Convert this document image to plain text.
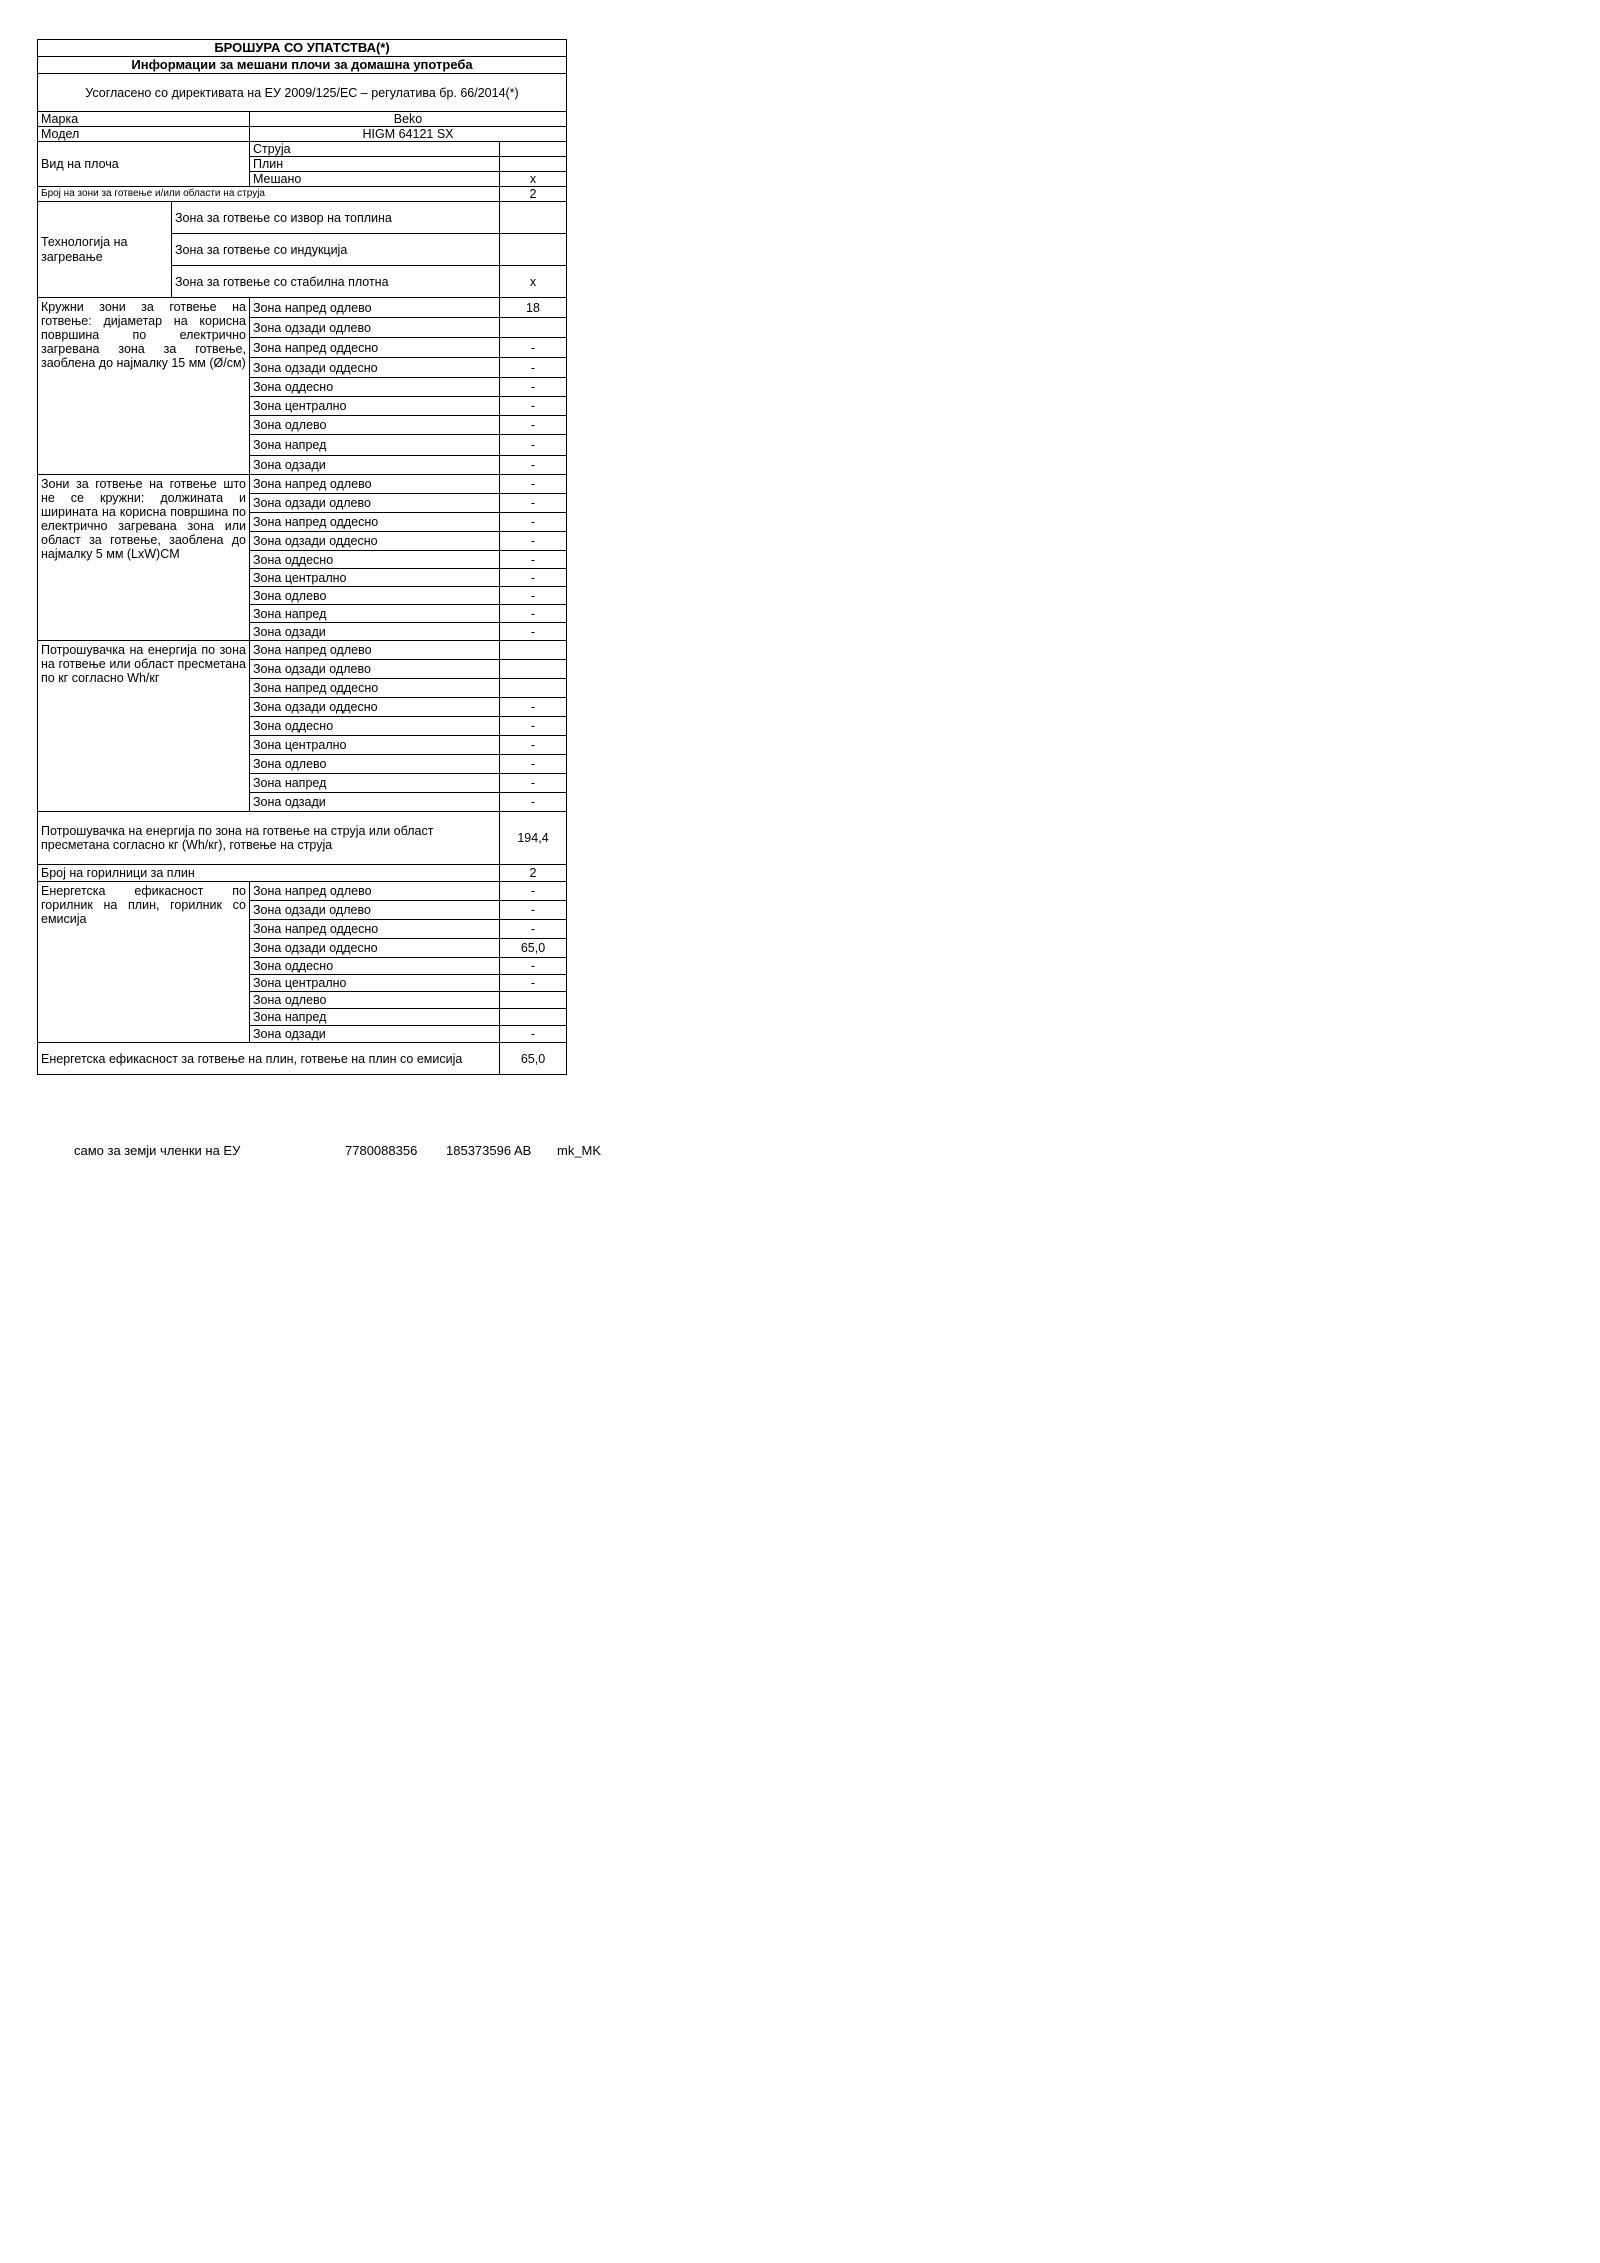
БРОШУРА СО УПАТСТВА(*)			
Информации за мешани плочи за домашна употреба			
Усогласено со директивата на ЕУ 2009/125/EC – регулатива бр. 66/2014(*)			
Марка		Beko	
Модел		HIGM 64121 SX	
Вид на плоча		Струја	
		Плин	
		Мешано	x
Број на зони за готвење и/или области на струја			2
Технологија на загревање	Зона за готвење со извор на топлина		
	Зона за готвење со индукција		
	Зона за готвење со стабилна плотна		x
Кружни зони за готвење на готвење: дијаметар на корисна површина по електрично загревана зона за готвење, заоблена до најмалку 15 мм (Ø/см)		Зона напред одлево	18
		Зона одзади одлево	
		Зона напред оддесно	-
		Зона одзади оддесно	-
		Зона оддесно	-
		Зона централно	-
		Зона одлево	-
		Зона напред	-
		Зона одзади	-
Зони за готвење на готвење што не се кружни: должината и ширината на корисна површина по електрично загревана зона или област за готвење, заоблена до најмалку 5 мм (LxW)CM		Зона напред одлево	-
		Зона одзади одлево	-
		Зона напред оддесно	-
		Зона одзади оддесно	-
		Зона оддесно	-
		Зона централно	-
		Зона одлево	-
		Зона напред	-
		Зона одзади	-
Потрошувачка на енергија по зона на готвење или област пресметана по кг согласно Wh/кг		Зона напред одлево	
		Зона одзади одлево	
		Зона напред оддесно	
		Зона одзади оддесно	-
		Зона оддесно	-
		Зона централно	-
		Зона одлево	-
		Зона напред	-
		Зона одзади	-
Потрошувачка на енергија по зона на готвење на струја или област пресметана согласно кг (Wh/кг), готвење на струја			194,4
Број на горилници за плин			2
Енергетска ефикасност по горилник на плин, горилник со емисија		Зона напред одлево	-
		Зона одзади одлево	-
		Зона напред оддесно	-
		Зона одзади оддесно	65,0
		Зона оддесно	-
		Зона централно	-
		Зона одлево	
		Зона напред	
		Зона одзади	-
Енергетска ефикасност за готвење на плин, готвење на плин со емисија			65,0
само за земји членки на ЕУ	7780088356 185373596 AB mk_MK
